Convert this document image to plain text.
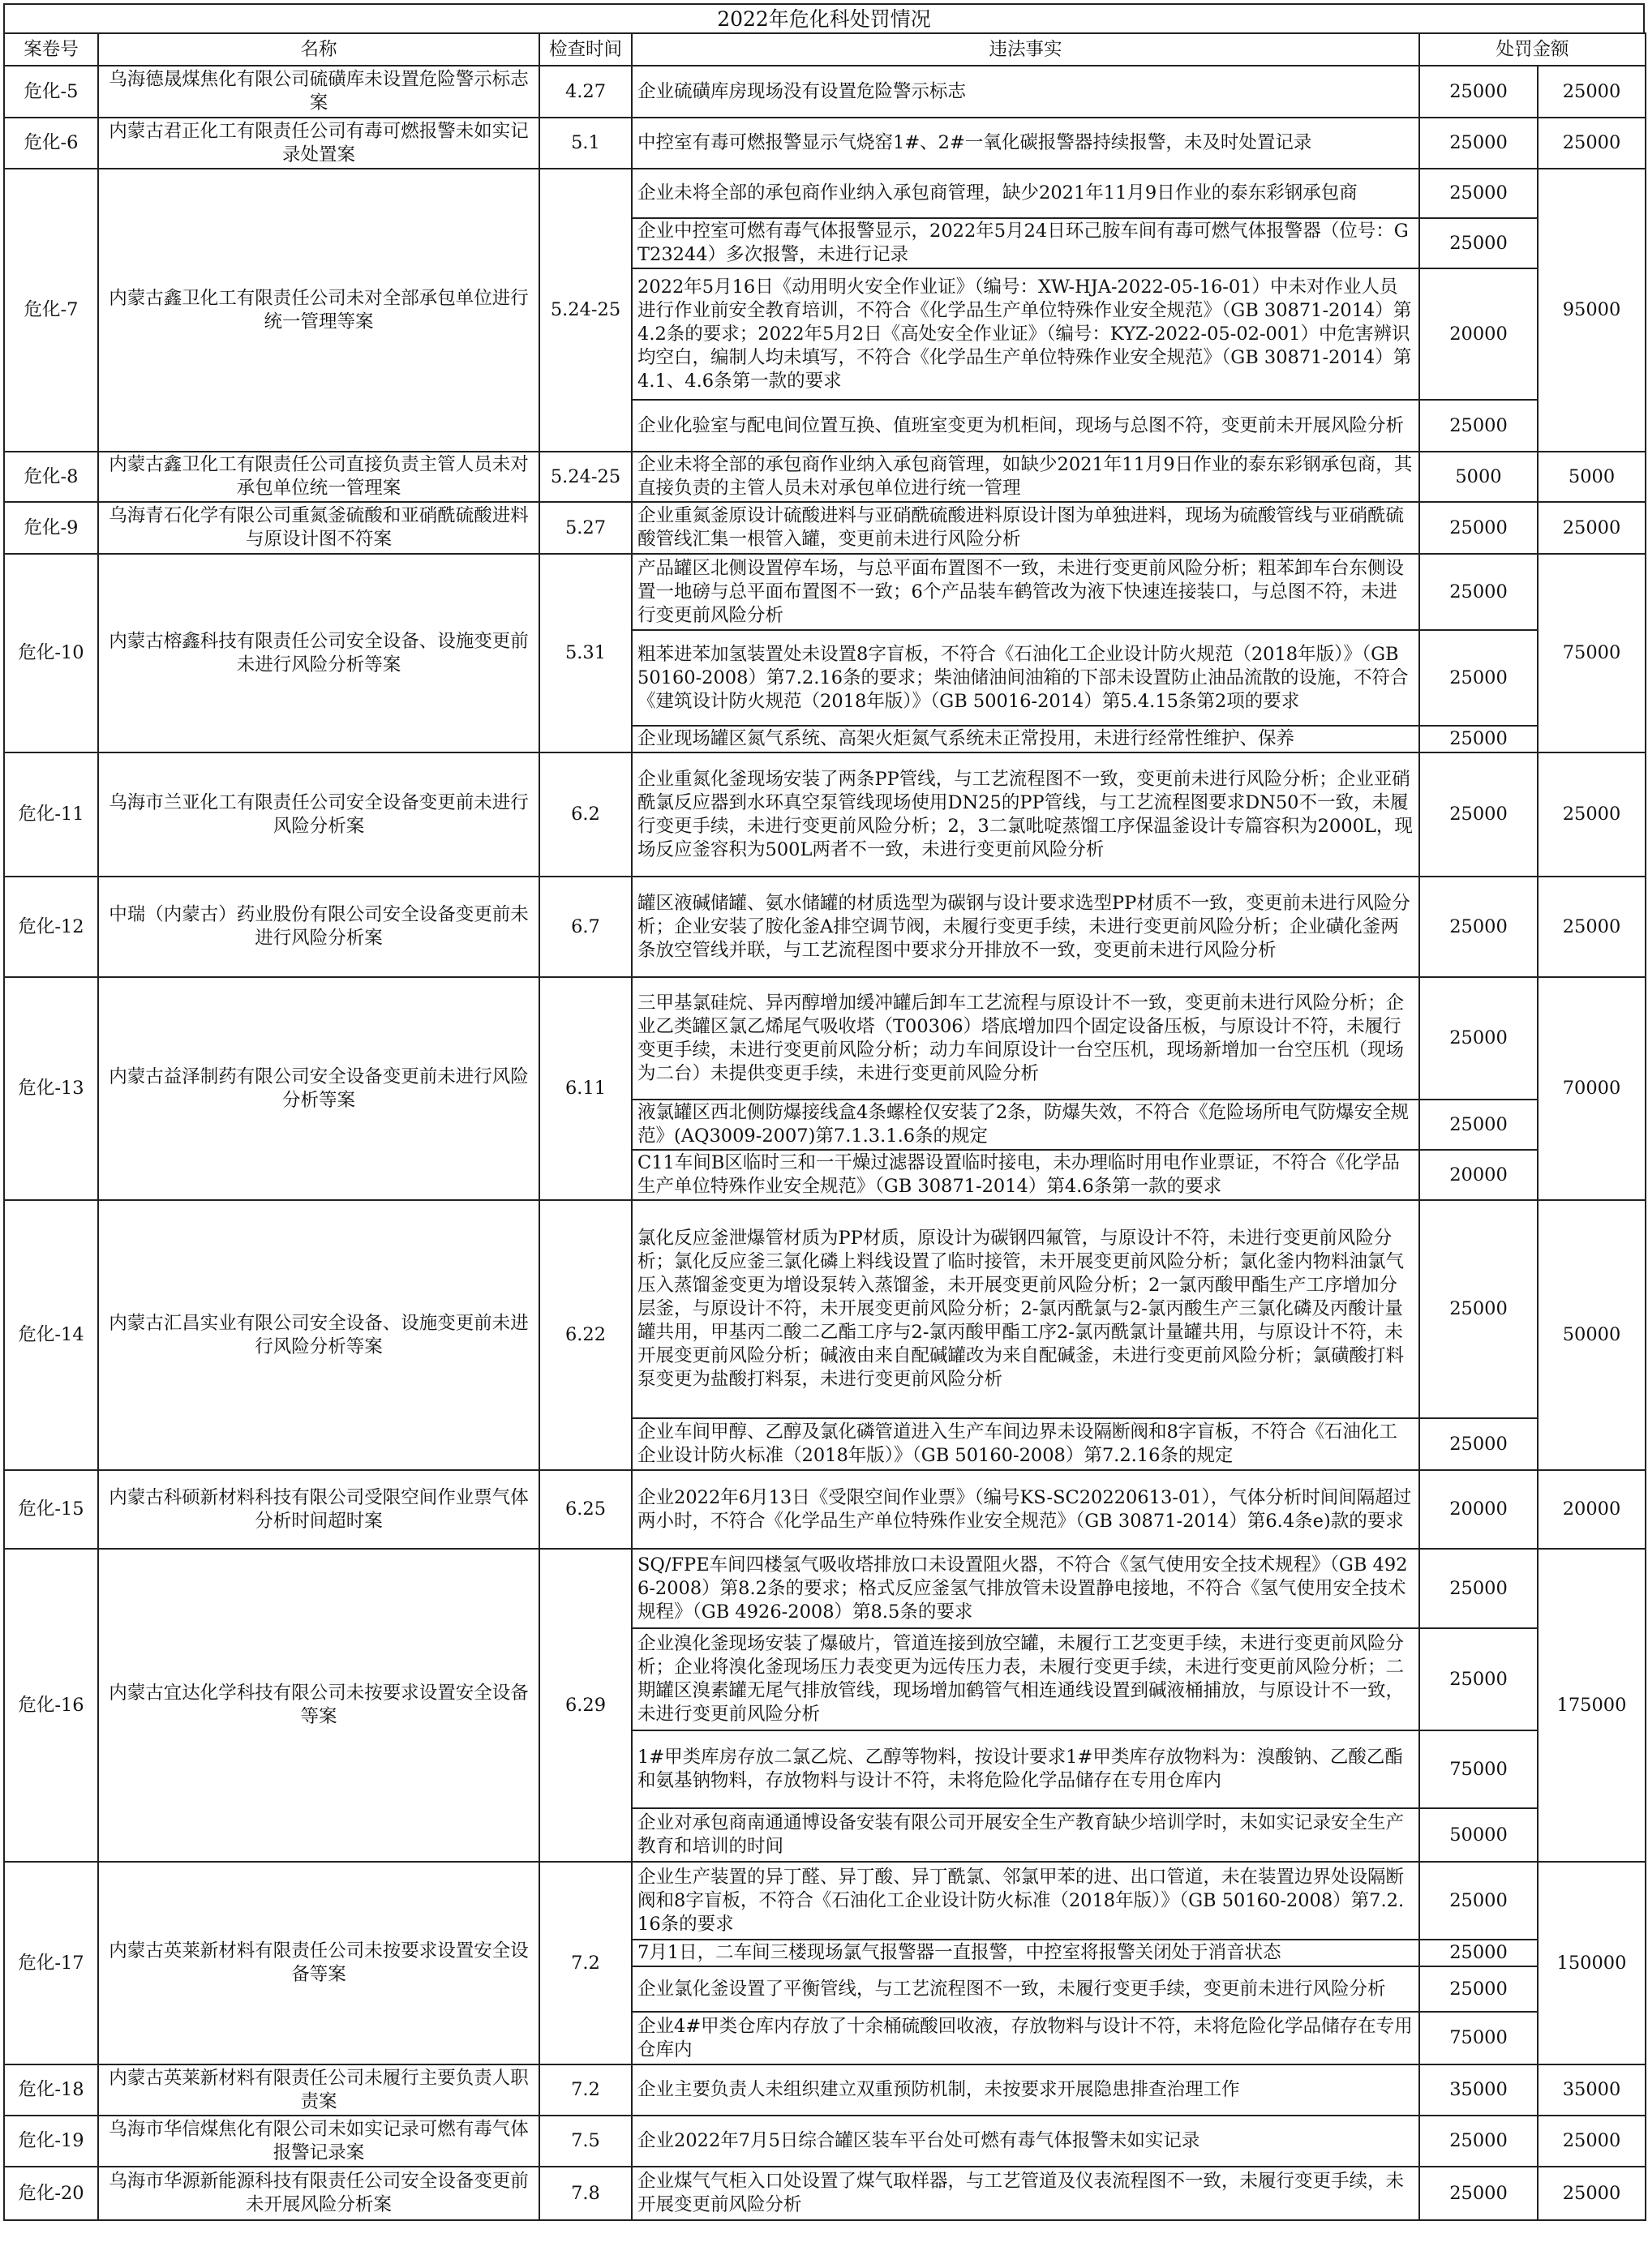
2022年危化科处罚情况
案卷号	名称	检查时间	违法事实	处罚金额	
危化-5	乌海德晟煤焦化有限公司硫磺库未设置危险警示标志案	4.27	企业硫磺库房现场没有设置危险警示标志	25000	25000
危化-6	内蒙古君正化工有限责任公司有毒可燃报警未如实记录处置案	5.1	中控室有毒可燃报警显示气烧窑1#、2#一氧化碳报警器持续报警，未及时处置记录	25000	25000
危化-7	内蒙古鑫卫化工有限责任公司未对全部承包单位进行统一管理等案	5.24-25	企业未将全部的承包商作业纳入承包商管理，缺少2021年11月9日作业的泰东彩钢承包商	25000	95000
			企业中控室可燃有毒气体报警显示，2022年5月24日环己胺车间有毒可燃气体报警器（位号：GT23244）多次报警，未进行记录	25000	
			2022年5月16日《动用明火安全作业证》（编号：XW-HJA-2022-05-16-01）中未对作业人员进行作业前安全教育培训，不符合《化学品生产单位特殊作业安全规范》（GB 30871-2014）第4.2条的要求；2022年5月2日《高处安全作业证》（编号：KYZ-2022-05-02-001）中危害辨识均空白，编制人均未填写，不符合《化学品生产单位特殊作业安全规范》（GB 30871-2014）第4.1、4.6条第一款的要求	20000	
			企业化验室与配电间位置互换、值班室变更为机柜间，现场与总图不符，变更前未开展风险分析	25000	
危化-8	内蒙古鑫卫化工有限责任公司直接负责主管人员未对承包单位统一管理案	5.24-25	企业未将全部的承包商作业纳入承包商管理，如缺少2021年11月9日作业的泰东彩钢承包商，其直接负责的主管人员未对承包单位进行统一管理	5000	5000
危化-9	乌海青石化学有限公司重氮釜硫酸和亚硝酰硫酸进料与原设计图不符案	5.27	企业重氮釜原设计硫酸进料与亚硝酰硫酸进料原设计图为单独进料，现场为硫酸管线与亚硝酰硫酸管线汇集一根管入罐，变更前未进行风险分析	25000	25000
危化-10	内蒙古榕鑫科技有限责任公司安全设备、设施变更前未进行风险分析等案	5.31	产品罐区北侧设置停车场，与总平面布置图不一致，未进行变更前风险分析；粗苯卸车台东侧设置一地磅与总平面布置图不一致；6个产品装车鹤管改为液下快速连接装口，与总图不符，未进行变更前风险分析	25000	75000
			粗苯进苯加氢装置处未设置8字盲板，不符合《石油化工企业设计防火规范（2018年版）》（GB 50160-2008）第7.2.16条的要求；柴油储油间油箱的下部未设置防止油品流散的设施，不符合《建筑设计防火规范（2018年版）》（GB 50016-2014）第5.4.15条第2项的要求	25000	
			企业现场罐区氮气系统、高架火炬氮气系统未正常投用，未进行经常性维护、保养	25000	
危化-11	乌海市兰亚化工有限责任公司安全设备变更前未进行风险分析案	6.2	企业重氮化釜现场安装了两条PP管线，与工艺流程图不一致，变更前未进行风险分析；企业亚硝酰氯反应器到水环真空泵管线现场使用DN25的PP管线，与工艺流程图要求DN50不一致，未履行变更手续，未进行变更前风险分析；2，3二氯吡啶蒸馏工序保温釜设计专篇容积为2000L，现场反应釜容积为500L两者不一致，未进行变更前风险分析	25000	25000
危化-12	中瑞（内蒙古）药业股份有限公司安全设备变更前未进行风险分析案	6.7	罐区液碱储罐、氨水储罐的材质选型为碳钢与设计要求选型PP材质不一致，变更前未进行风险分析；企业安装了胺化釜A排空调节阀，未履行变更手续，未进行变更前风险分析；企业磺化釜两条放空管线并联，与工艺流程图中要求分开排放不一致，变更前未进行风险分析	25000	25000
危化-13	内蒙古益泽制药有限公司安全设备变更前未进行风险分析等案	6.11	三甲基氯硅烷、异丙醇增加缓冲罐后卸车工艺流程与原设计不一致，变更前未进行风险分析；企业乙类罐区氯乙烯尾气吸收塔（T00306）塔底增加四个固定设备压板，与原设计不符，未履行变更手续，未进行变更前风险分析；动力车间原设计一台空压机，现场新增加一台空压机（现场为二台）未提供变更手续，未进行变更前风险分析	25000	70000
			液氯罐区西北侧防爆接线盒4条螺栓仅安装了2条，防爆失效，不符合《危险场所电气防爆安全规范》(AQ3009-2007)第7.1.3.1.6条的规定	25000	
			C11车间B区临时三和一干燥过滤器设置临时接电，未办理临时用电作业票证，不符合《化学品生产单位特殊作业安全规范》（GB 30871-2014）第4.6条第一款的要求	20000	
危化-14	内蒙古汇昌实业有限公司安全设备、设施变更前未进行风险分析等案	6.22	氯化反应釜泄爆管材质为PP材质，原设计为碳钢四氟管，与原设计不符，未进行变更前风险分析；氯化反应釜三氯化磷上料线设置了临时接管，未开展变更前风险分析；氯化釜内物料油氯气压入蒸馏釜变更为增设泵转入蒸馏釜，未开展变更前风险分析；2一氯丙酸甲酯生产工序增加分层釜，与原设计不符，未开展变更前风险分析；2-氯丙酰氯与2-氯丙酸生产三氯化磷及丙酸计量罐共用，甲基丙二酸二乙酯工序与2-氯丙酸甲酯工序2-氯丙酰氯计量罐共用，与原设计不符，未开展变更前风险分析；碱液由来自配碱罐改为来自配碱釜，未进行变更前风险分析；氯磺酸打料泵变更为盐酸打料泵，未进行变更前风险分析	25000	50000
			企业车间甲醇、乙醇及氯化磷管道进入生产车间边界未设隔断阀和8字盲板，不符合《石油化工企业设计防火标准（2018年版）》（GB 50160-2008）第7.2.16条的规定	25000	
危化-15	内蒙古科硕新材料科技有限公司受限空间作业票气体分析时间超时案	6.25	企业2022年6月13日《受限空间作业票》（编号KS-SC20220613-01），气体分析时间间隔超过两小时，不符合《化学品生产单位特殊作业安全规范》（GB 30871-2014）第6.4条e)款的要求	20000	20000
危化-16	内蒙古宜达化学科技有限公司未按要求设置安全设备等案	6.29	SQ/FPE车间四楼氢气吸收塔排放口未设置阻火器，不符合《氢气使用安全技术规程》（GB 4926-2008）第8.2条的要求；格式反应釜氢气排放管未设置静电接地，不符合《氢气使用安全技术规程》（GB 4926-2008）第8.5条的要求	25000	175000
			企业溴化釜现场安装了爆破片，管道连接到放空罐，未履行工艺变更手续，未进行变更前风险分析；企业将溴化釜现场压力表变更为远传压力表，未履行变更手续，未进行变更前风险分析；二期罐区溴素罐无尾气排放管线，现场增加鹤管气相连通线设置到碱液桶捕放，与原设计不一致，未进行变更前风险分析	25000	
			1#甲类库房存放二氯乙烷、乙醇等物料，按设计要求1#甲类库存放物料为：溴酸钠、乙酸乙酯和氨基钠物料，存放物料与设计不符，未将危险化学品储存在专用仓库内	75000	
			企业对承包商南通通博设备安装有限公司开展安全生产教育缺少培训学时，未如实记录安全生产教育和培训的时间	50000	
危化-17	内蒙古英莱新材料有限责任公司未按要求设置安全设备等案	7.2	企业生产装置的异丁醛、异丁酸、异丁酰氯、邻氯甲苯的进、出口管道，未在装置边界处设隔断阀和8字盲板，不符合《石油化工企业设计防火标准（2018年版）》（GB 50160-2008）第7.2.16条的要求	25000	150000
			7月1日，二车间三楼现场氯气报警器一直报警，中控室将报警关闭处于消音状态	25000	
			企业氯化釜设置了平衡管线，与工艺流程图不一致，未履行变更手续，变更前未进行风险分析	25000	
			企业4#甲类仓库内存放了十余桶硫酸回收液，存放物料与设计不符，未将危险化学品储存在专用仓库内	75000	
危化-18	内蒙古英莱新材料有限责任公司未履行主要负责人职责案	7.2	企业主要负责人未组织建立双重预防机制，未按要求开展隐患排查治理工作	35000	35000
危化-19	乌海市华信煤焦化有限公司未如实记录可燃有毒气体报警记录案	7.5	企业2022年7月5日综合罐区装车平台处可燃有毒气体报警未如实记录	25000	25000
危化-20	乌海市华源新能源科技有限责任公司安全设备变更前未开展风险分析案	7.8	企业煤气气柜入口处设置了煤气取样器，与工艺管道及仪表流程图不一致，未履行变更手续，未开展变更前风险分析	25000	25000
